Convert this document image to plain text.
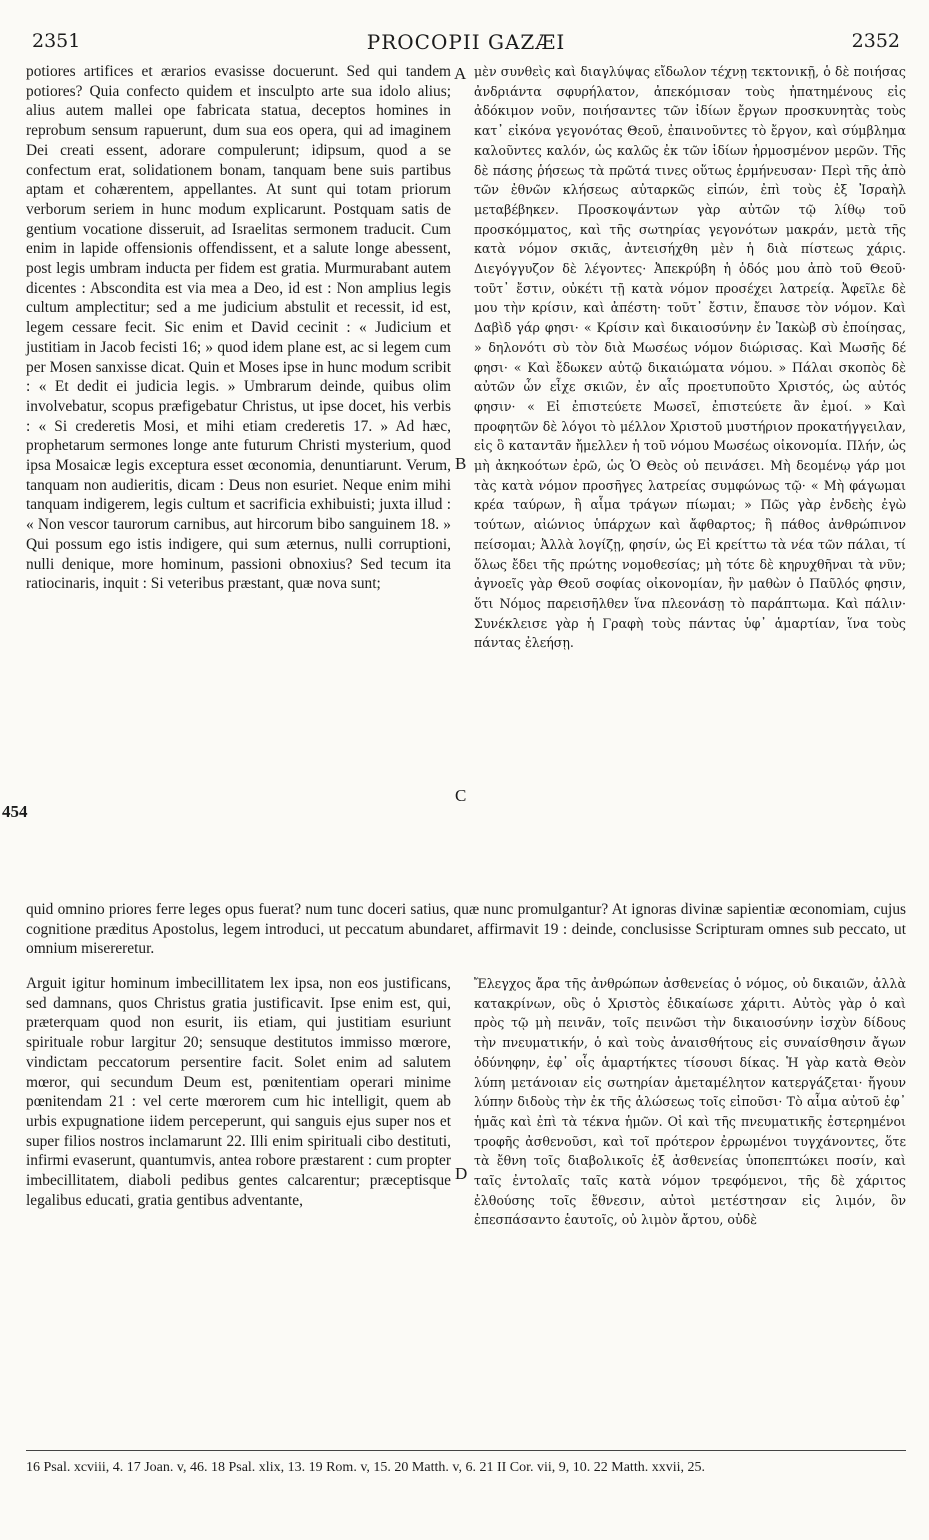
2351	PROCOPII GAZÆI	2352
potiores artifices et ærarios evasisse docuerunt. Sed qui tandem potiores? Quia confecto quidem et insculpto arte sua idolo alius; alius autem mallei ope fabricata statua, deceptos homines in reprobum sensum rapuerunt, dum sua eos opera, qui ad imaginem Dei creati essent, adorare compulerunt; idipsum, quod a se confectum erat, solidationem bonam, tanquam bene suis partibus aptam et cohærentem, appellantes. At sunt qui totam priorum verborum seriem in hunc modum explicarunt. Postquam satis de gentium vocatione disseruit, ad Israelitas sermonem traducit. Cum enim in lapide offensionis offendissent, et a salute longe abessent, post legis umbram inducta per fidem est gratia. Murmurabant autem dicentes : Abscondita est via mea a Deo, id est : Non amplius legis cultum amplectitur; sed a me judicium abstulit et recessit, id est, legem cessare fecit. Sic enim et David cecinit : « Judicium et justitiam in Jacob fecisti 16; » quod idem plane est, ac si legem cum per Mosen sanxisse dicat. Quin et Moses ipse in hunc modum scribit : « Et dedit ei judicia legis. » Umbrarum deinde, quibus olim involvebatur, scopus præfigebatur Christus, ut ipse docet, his verbis : « Si crederetis Mosi, et mihi etiam crederetis 17. » Ad hæc, prophetarum sermones longe ante futurum Christi mysterium, quod ipsa Mosaicæ legis exceptura esset œconomia, denuntiarunt. Verum, tanquam non audieritis, dicam : Deus non esuriet. Neque enim mihi tanquam indigerem, legis cultum et sacrificia exhibuisti; juxta illud : « Non vescor taurorum carnibus, aut hircorum bibo sanguinem 18. » Qui possum ego istis indigere, qui sum æternus, nulli corruptioni, nulli denique, more hominum, passioni obnoxius? Sed tecum ita ratiocinaris, inquit : Si veteribus præstant, quæ nova sunt;
μὲν συνθεὶς καὶ διαγλύψας εἴδωλον τέχνῃ τεκτονικῇ, ὁ δὲ ποιήσας ἀνδριάντα σφυρήλατον, ἀπεκόμισαν τοὺς ἠπατημένους εἰς ἀδόκιμον νοῦν, ποιήσαντες τῶν ἰδίων ἔργων προσκυνητὰς τοὺς κατ᾽ εἰκόνα γεγονότας Θεοῦ, ἐπαινοῦντες τὸ ἔργον, καὶ σύμβλημα καλοῦντες καλόν, ὡς καλῶς ἐκ τῶν ἰδίων ἡρμοσμένον μερῶν. Τῆς δὲ πάσης ῥήσεως τὰ πρῶτά τινες οὕτως ἑρμήνευσαν· Περὶ τῆς ἀπὸ τῶν ἐθνῶν κλήσεως αὐταρκῶς εἰπών, ἐπὶ τοὺς ἐξ Ἰσραὴλ μεταβέβηκεν. Προσκοψάντων γὰρ αὐτῶν τῷ λίθῳ τοῦ προσκόμματος, καὶ τῆς σωτηρίας γεγονότων μακράν, μετὰ τῆς κατὰ νόμον σκιᾶς, ἀντεισήχθη μὲν ἡ διὰ πίστεως χάρις. Διεγόγγυζον δὲ λέγοντες· Ἀπεκρύβη ἡ ὁδός μου ἀπὸ τοῦ Θεοῦ· τοῦτ᾽ ἔστιν, οὐκέτι τῇ κατὰ νόμον προσέχει λατρείᾳ. Ἀφεῖλε δὲ μου τὴν κρίσιν, καὶ ἀπέστη· τοῦτ᾽ ἔστιν, ἔπαυσε τὸν νόμον. Καὶ Δαβὶδ γάρ φησι· « Κρίσιν καὶ δικαιοσύνην ἐν Ἰακὼβ σὺ ἐποίησας, » δηλονότι σὺ τὸν διὰ Μωσέως νόμον διώρισας. Καὶ Μωσῆς δέ φησι· « Καὶ ἔδωκεν αὐτῷ δικαιώματα νόμου. » Πάλαι σκοπὸς δὲ αὐτῶν ὧν εἶχε σκιῶν, ἐν αἷς προετυποῦτο Χριστός, ὡς αὐτός φησιν· « Εἰ ἐπιστεύετε Μωσεῖ, ἐπιστεύετε ἂν ἐμοί. » Καὶ προφητῶν δὲ λόγοι τὸ μέλλον Χριστοῦ μυστήριον προκατήγγειλαν, εἰς ὃ καταντᾶν ἤμελλεν ἡ τοῦ νόμου Μωσέως οἰκονομία. Πλήν, ὡς μὴ ἀκηκοότων ἐρῶ, ὡς Ὁ Θεὸς οὐ πεινάσει. Μὴ δεομένῳ γάρ μοι τὰς κατὰ νόμον προσῆγες λατρείας συμφώνως τῷ· « Μὴ φάγωμαι κρέα ταύρων, ἢ αἷμα τράγων πίωμαι; » Πῶς γὰρ ἐνδεὴς ἐγὼ τούτων, αἰώνιος ὑπάρχων καὶ ἄφθαρτος; ἢ πάθος ἀνθρώπινον πείσομαι; Ἀλλὰ λογίζῃ, φησίν, ὡς Εἰ κρείττω τὰ νέα τῶν πάλαι, τί ὅλως ἔδει τῆς πρώτης νομοθεσίας; μὴ τότε δὲ κηρυχθῆναι τὰ νῦν; ἀγνοεῖς γὰρ Θεοῦ σοφίας οἰκονομίαν, ἣν μαθὼν ὁ Παῦλός φησιν, ὅτι Νόμος παρεισῆλθεν ἵνα πλεονάσῃ τὸ παράπτωμα. Καὶ πάλιν· Συνέκλεισε γὰρ ἡ Γραφὴ τοὺς πάντας ὑφ᾽ ἁμαρτίαν, ἵνα τοὺς πάντας ἐλεήσῃ.
A
B
C
454
quid omnino priores ferre leges opus fuerat? num tunc doceri satius, quæ nunc promulgantur? At ignoras divinæ sapientiæ œconomiam, cujus cognitione præditus Apostolus, legem introduci, ut peccatum abundaret, affirmavit 19 : deinde, conclusisse Scripturam omnes sub peccato, ut omnium misereretur.
Arguit igitur hominum imbecillitatem lex ipsa, non eos justificans, sed damnans, quos Christus gratia justificavit. Ipse enim est, qui, præterquam quod non esurit, iis etiam, qui justitiam esuriunt spirituale robur largitur 20; sensuque destitutos immisso mœrore, vindictam peccatorum persentire facit. Solet enim ad salutem mœror, qui secundum Deum est, pœnitentiam operari minime pœnitendam 21 : vel certe mœrorem cum hic intelligit, quem ab urbis expugnatione iidem perceperunt, qui sanguis ejus super nos et super filios nostros inclamarunt 22. Illi enim spirituali cibo destituti, infirmi evaserunt, quantumvis, antea robore præstarent : cum propter imbecillitatem, diaboli pedibus gentes calcarentur; præceptisque legalibus educati, gratia gentibus adventante,
Ἔλεγχος ἄρα τῆς ἀνθρώπων ἀσθενείας ὁ νόμος, οὐ δικαιῶν, ἀλλὰ κατακρίνων, οὓς ὁ Χριστὸς ἐδικαίωσε χάριτι. Αὐτὸς γὰρ ὁ καὶ πρὸς τῷ μὴ πεινᾶν, τοῖς πεινῶσι τὴν δικαιοσύνην ἰσχὺν δίδους τὴν πνευματικήν, ὁ καὶ τοὺς ἀναισθήτους εἰς συναίσθησιν ἄγων ὀδύνηφην, ἐφ᾽ οἷς ἁμαρτήκτες τίσουσι δίκας. Ἡ γὰρ κατὰ Θεὸν λύπη μετάνοιαν εἰς σωτηρίαν ἀμεταμέλητον κατεργάζεται· ἤγουν λύπην διδοὺς τὴν ἐκ τῆς ἁλώσεως τοῖς εἰποῦσι· Τὸ αἷμα αὐτοῦ ἐφ᾽ ἡμᾶς καὶ ἐπὶ τὰ τέκνα ἡμῶν. Οἱ καὶ τῆς πνευματικῆς ἐστερημένοι τροφῆς ἀσθενοῦσι, καὶ τοῖ πρότερον ἐρρωμένοι τυγχάνοντες, ὅτε τὰ ἔθνη τοῖς διαβολικοῖς ἐξ ἀσθενείας ὑποπεπτώκει ποσίν, καὶ ταῖς ἐντολαῖς ταῖς κατὰ νόμον τρεφόμενοι, τῆς δὲ χάριτος ἐλθούσης τοῖς ἔθνεσιν, αὐτοὶ μετέστησαν εἰς λιμόν, ὃν ἐπεσπάσαντο ἑαυτοῖς, οὐ λιμὸν ἄρτου, οὐδὲ
D
16 Psal. xcviii, 4. 17 Joan. v, 46. 18 Psal. xlix, 13. 19 Rom. v, 15. 20 Matth. v, 6. 21 II Cor. vii, 9, 10. 22 Matth. xxvii, 25.
